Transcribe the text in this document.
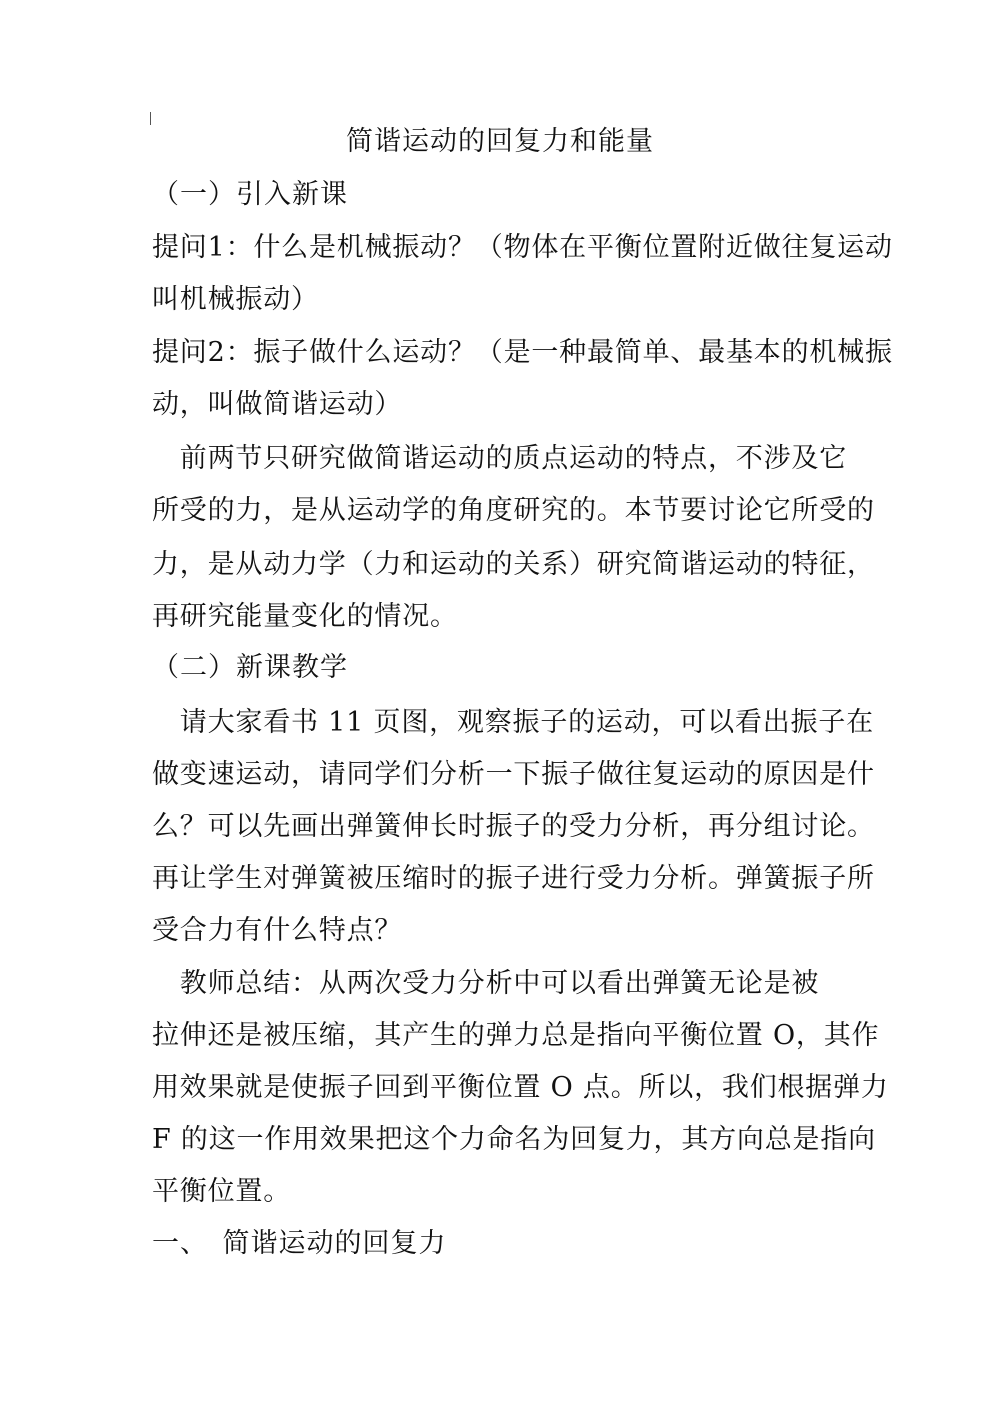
简谐运动的回复力和能量
（一）引入新课
提问1：什么是机械振动？（物体在平衡位置附近做往复运动
叫机械振动）
提问2：振子做什么运动？（是一种最简单、最基本的机械振
动，叫做简谐运动）
　前两节只研究做简谐运动的质点运动的特点，不涉及它
所受的力，是从运动学的角度研究的。本节要讨论它所受的
力，是从动力学（力和运动的关系）研究简谐运动的特征，
再研究能量变化的情况。
（二）新课教学
　请大家看书 11 页图，观察振子的运动，可以看出振子在
做变速运动，请同学们分析一下振子做往复运动的原因是什
么？可以先画出弹簧伸长时振子的受力分析，再分组讨论。
再让学生对弹簧被压缩时的振子进行受力分析。弹簧振子所
受合力有什么特点？
　教师总结：从两次受力分析中可以看出弹簧无论是被
拉伸还是被压缩，其产生的弹力总是指向平衡位置 O，其作
用效果就是使振子回到平衡位置 O 点。所以，我们根据弹力
F 的这一作用效果把这个力命名为回复力，其方向总是指向
平衡位置。
一、　简谐运动的回复力
